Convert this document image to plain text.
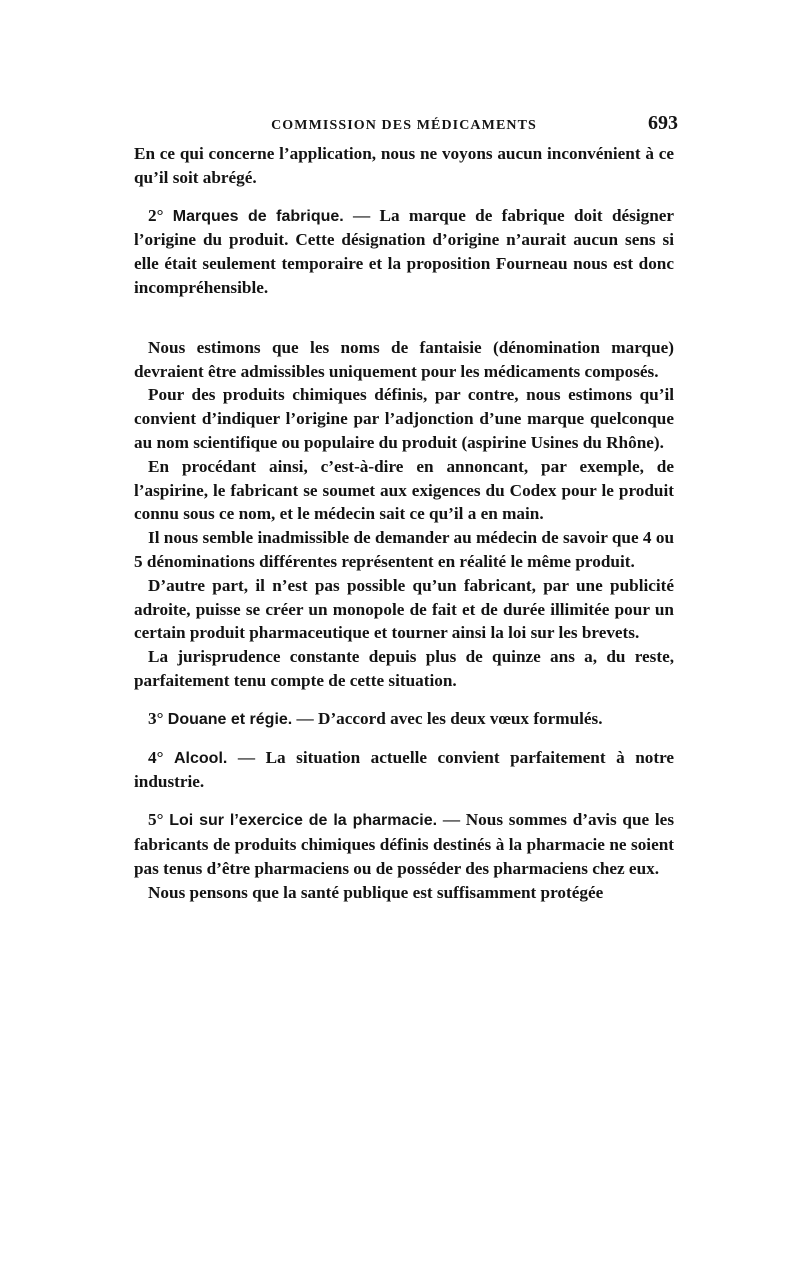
COMMISSION DES MÉDICAMENTS	693

En ce qui concerne l’application, nous ne voyons aucun inconvénient à ce qu’il soit abrégé.

2° Marques de fabrique. — La marque de fabrique doit désigner l’origine du produit. Cette désignation d’origine n’aurait aucun sens si elle était seulement temporaire et la proposition Fourneau nous est donc incompréhensible.

Nous estimons que les noms de fantaisie (dénomination marque) devraient être admissibles uniquement pour les médicaments composés.

Pour des produits chimiques définis, par contre, nous estimons qu’il convient d’indiquer l’origine par l’adjonction d’une marque quelconque au nom scientifique ou populaire du produit (aspirine Usines du Rhône).

En procédant ainsi, c’est-à-dire en annoncant, par exemple, de l’aspirine, le fabricant se soumet aux exigences du Codex pour le produit connu sous ce nom, et le médecin sait ce qu’il a en main.

Il nous semble inadmissible de demander au médecin de savoir que 4 ou 5 dénominations différentes représentent en réalité le même produit.

D’autre part, il n’est pas possible qu’un fabricant, par une publicité adroite, puisse se créer un monopole de fait et de durée illimitée pour un certain produit pharmaceutique et tourner ainsi la loi sur les brevets.

La jurisprudence constante depuis plus de quinze ans a, du reste, parfaitement tenu compte de cette situation.

3° Douane et régie. — D’accord avec les deux vœux formulés.

4° Alcool. — La situation actuelle convient parfaitement à notre industrie.

5° Loi sur l’exercice de la pharmacie. — Nous sommes d’avis que les fabricants de produits chimiques définis destinés à la pharmacie ne soient pas tenus d’être pharmaciens ou de posséder des pharmaciens chez eux.

Nous pensons que la santé publique est suffisamment protégée
